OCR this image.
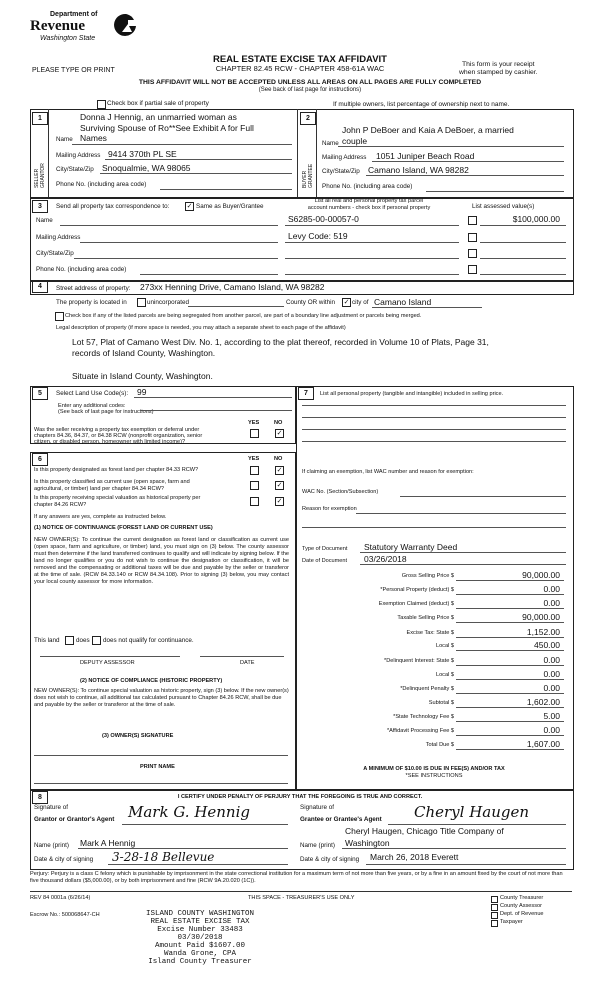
Department of
Revenue
Washington State
PLEASE TYPE OR PRINT
REAL ESTATE EXCISE TAX AFFIDAVIT
CHAPTER 82.45 RCW - CHAPTER 458-61A WAC	This form is your receipt
when stamped by cashier.
THIS AFFIDAVIT WILL NOT BE ACCEPTED UNLESS ALL AREAS ON ALL PAGES ARE FULLY COMPLETED
(See back of last page for instructions)
Check box if partial sale of property	If multiple owners, list percentage of ownership next to name.
1	2
SELLER GRANTOR	BUYER GRANTEE
Donna J Hennig, an unmarried woman as
Surviving Spouse of Ro**See Exhibit A for Full
Name Names
Mailing Address 9414 370th PL SE
City/State/Zip Snoqualmie, WA 98065
Phone No. (including area code)
John P DeBoer and Kaia A DeBoer, a married
Name couple
Mailing Address 1051 Juniper Beach Road
City/State/Zip Camano Island, WA 98282
Phone No. (including area code)
3	Send all property tax correspondence to: ✓ Same as Buyer/Grantee
List all real and personal property tax parcel
account numbers - check box if personal property	List assessed value(s)
Name
Mailing Address
City/State/Zip
Phone No. (including area code)
S6285-00-00057-0	$100,000.00
Levy Code: 519
4	Street address of property: 273xx Henning Drive, Camano Island, WA 98282
The property is located in	unincorporated	County OR within ✓ city of Camano Island
Check box if any of the listed parcels are being segregated from another parcel, are part of a boundary line adjustment or parcels being merged.
Legal description of property (if more space is needed, you may attach a separate sheet to each page of the affidavit)
Lot 57, Plat of Camano West Div. No. 1, according to the plat thereof, recorded in Volume 10 of Plats, Page 31,
records of Island County, Washington.
Situate in Island County, Washington.
5	Select Land Use Code(s): 99
Enter any additional codes:
(See back of last page for instructions)
YES	NO
Was the seller receiving a property tax exemption or deferral under
chapters 84.36, 84.37, or 84.38 RCW (nonprofit organization, senior
citizen, or disabled person, homeowner with limited income)?
✓
6	YES	NO
Is this property designated as forest land per chapter 84.33 RCW?	✓
Is this property classified as current use (open space, farm and
agricultural, or timber) land per chapter 84.34 RCW?	✓
Is this property receiving special valuation as historical property per
chapter 84.26 RCW?	✓
If any answers are yes, complete as instructed below.
(1) NOTICE OF CONTINUANCE (FOREST LAND OR CURRENT USE)
NEW OWNER(S): To continue the current designation as forest land or classification as current use (open space, farm and agriculture, or timber) land, you must sign on (3) below. The county assessor must then determine if the land transferred continues to qualify and will indicate by signing below. If the land no longer qualifies or you do not wish to continue the designation or classification, it will be removed and the compensating or additional taxes will be due and payable by the seller or transferor at the time of sale. (RCW 84.33.140 or RCW 84.34.108). Prior to signing (3) below, you may contact your local county assessor for more information.
This land	does does not qualify for continuance.
DEPUTY ASSESSOR	DATE
(2) NOTICE OF COMPLIANCE (HISTORIC PROPERTY)
NEW OWNER(S): To continue special valuation as historic property, sign (3) below. If the new owner(s) does not wish to continue, all additional tax calculated pursuant to Chapter 84.26 RCW, shall be due and payable by the seller or transferor at the time of sale.
(3) OWNER(S) SIGNATURE
PRINT NAME
7	List all personal property (tangible and intangible) included in selling price.
If claiming an exemption, list WAC number and reason for exemption:
WAC No. (Section/Subsection)
Reason for exemption
Type of Document Statutory Warranty Deed
Date of Document 03/26/2018
Gross Selling Price $	90,000.00
*Personal Property (deduct) $	0.00
Exemption Claimed (deduct) $	0.00
Taxable Selling Price $	90,000.00
Excise Tax: State $	1,152.00
Local $	450.00
*Delinquent Interest: State $	0.00
Local $	0.00
*Delinquent Penalty $	0.00
Subtotal $	1,602.00
*State Technology Fee $	5.00
*Affidavit Processing Fee $	0.00
Total Due $	1,607.00
A MINIMUM OF $10.00 IS DUE IN FEE(S) AND/OR TAX
*SEE INSTRUCTIONS
8	I CERTIFY UNDER PENALTY OF PERJURY THAT THE FOREGOING IS TRUE AND CORRECT.
Signature of
Grantor or Grantor's Agent Mark G. Hennig
Name (print) Mark A Hennig
Date & city of signing 3-28-18 Bellevue
Signature of
Grantee or Grantee's Agent Cheryl Haugen
Cheryl Haugen, Chicago Title Company of
Name (print) Washington
Date & city of signing March 26, 2018 Everett
Perjury: Perjury is a class C felony which is punishable by imprisonment in the state correctional institution for a maximum term of not more than five years, or by a fine in an amount fixed by the court of not more than five thousand dollars ($5,000.00), or by both imprisonment and fine (RCW 9A.20.020 (1C)).
REV 84 0001a (6/26/14)	THIS SPACE - TREASURER'S USE ONLY
Escrow No.: 500068647-CH	ISLAND COUNTY WASHINGTON
REAL ESTATE EXCISE TAX
Excise Number 33483
03/30/2018
Amount Paid $1607.00
Wanda Grone, CPA
Island County Treasurer
County Treasurer
County Assessor
Dept. of Revenue
Taxpayer
